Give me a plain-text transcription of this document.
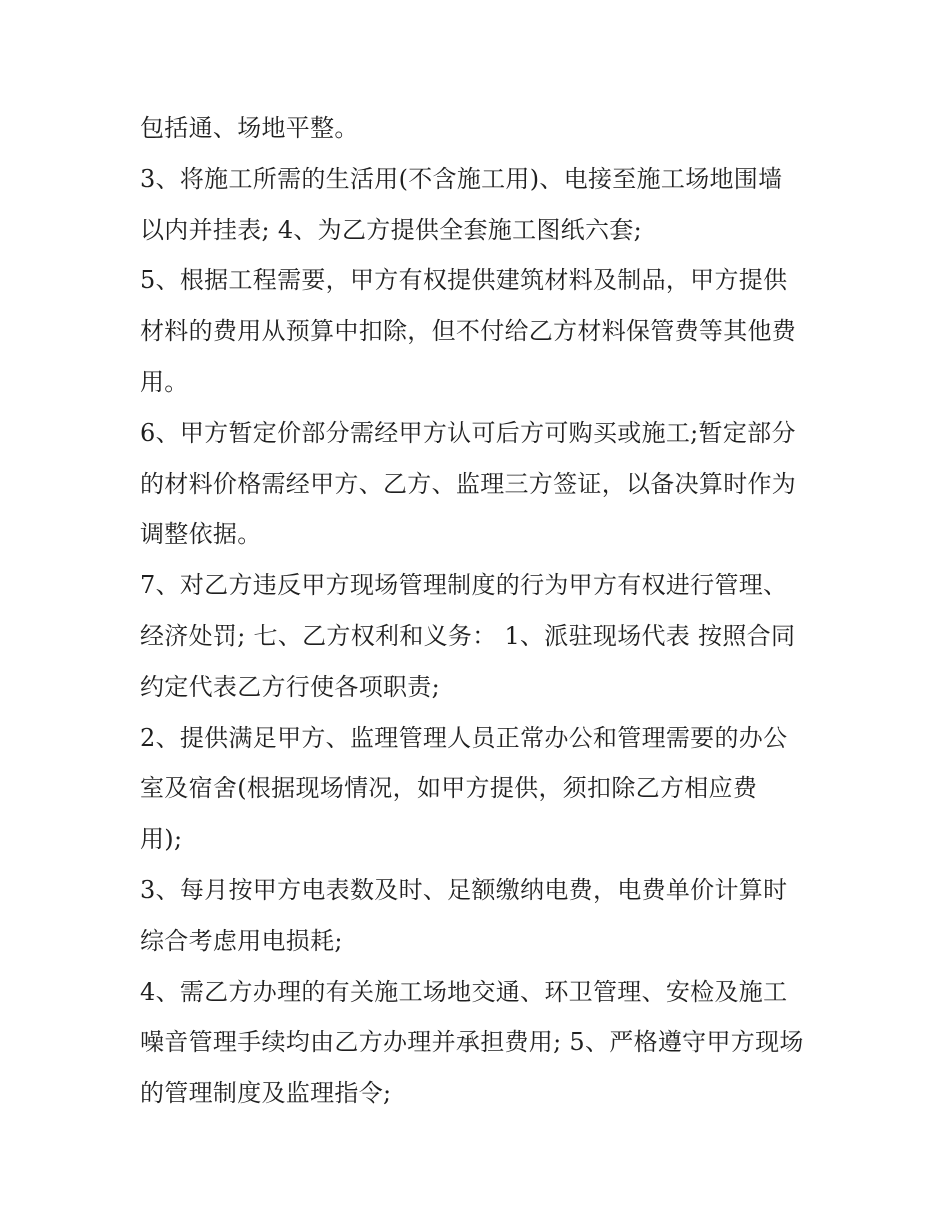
包括通、场地平整。
3、将施工所需的生活用(不含施工用)、电接至施工场地围墙
以内并挂表; 4、为乙方提供全套施工图纸六套;
5、根据工程需要，甲方有权提供建筑材料及制品，甲方提供
材料的费用从预算中扣除，但不付给乙方材料保管费等其他费
用。
6、甲方暂定价部分需经甲方认可后方可购买或施工;暂定部分
的材料价格需经甲方、乙方、监理三方签证，以备决算时作为
调整依据。
7、对乙方违反甲方现场管理制度的行为甲方有权进行管理、
经济处罚; 七、乙方权利和义务： 1、派驻现场代表 按照合同
约定代表乙方行使各项职责;
2、提供满足甲方、监理管理人员正常办公和管理需要的办公
室及宿舍(根据现场情况，如甲方提供，须扣除乙方相应费
用);
3、每月按甲方电表数及时、足额缴纳电费，电费单价计算时
综合考虑用电损耗;
4、需乙方办理的有关施工场地交通、环卫管理、安检及施工
噪音管理手续均由乙方办理并承担费用; 5、严格遵守甲方现场
的管理制度及监理指令;
